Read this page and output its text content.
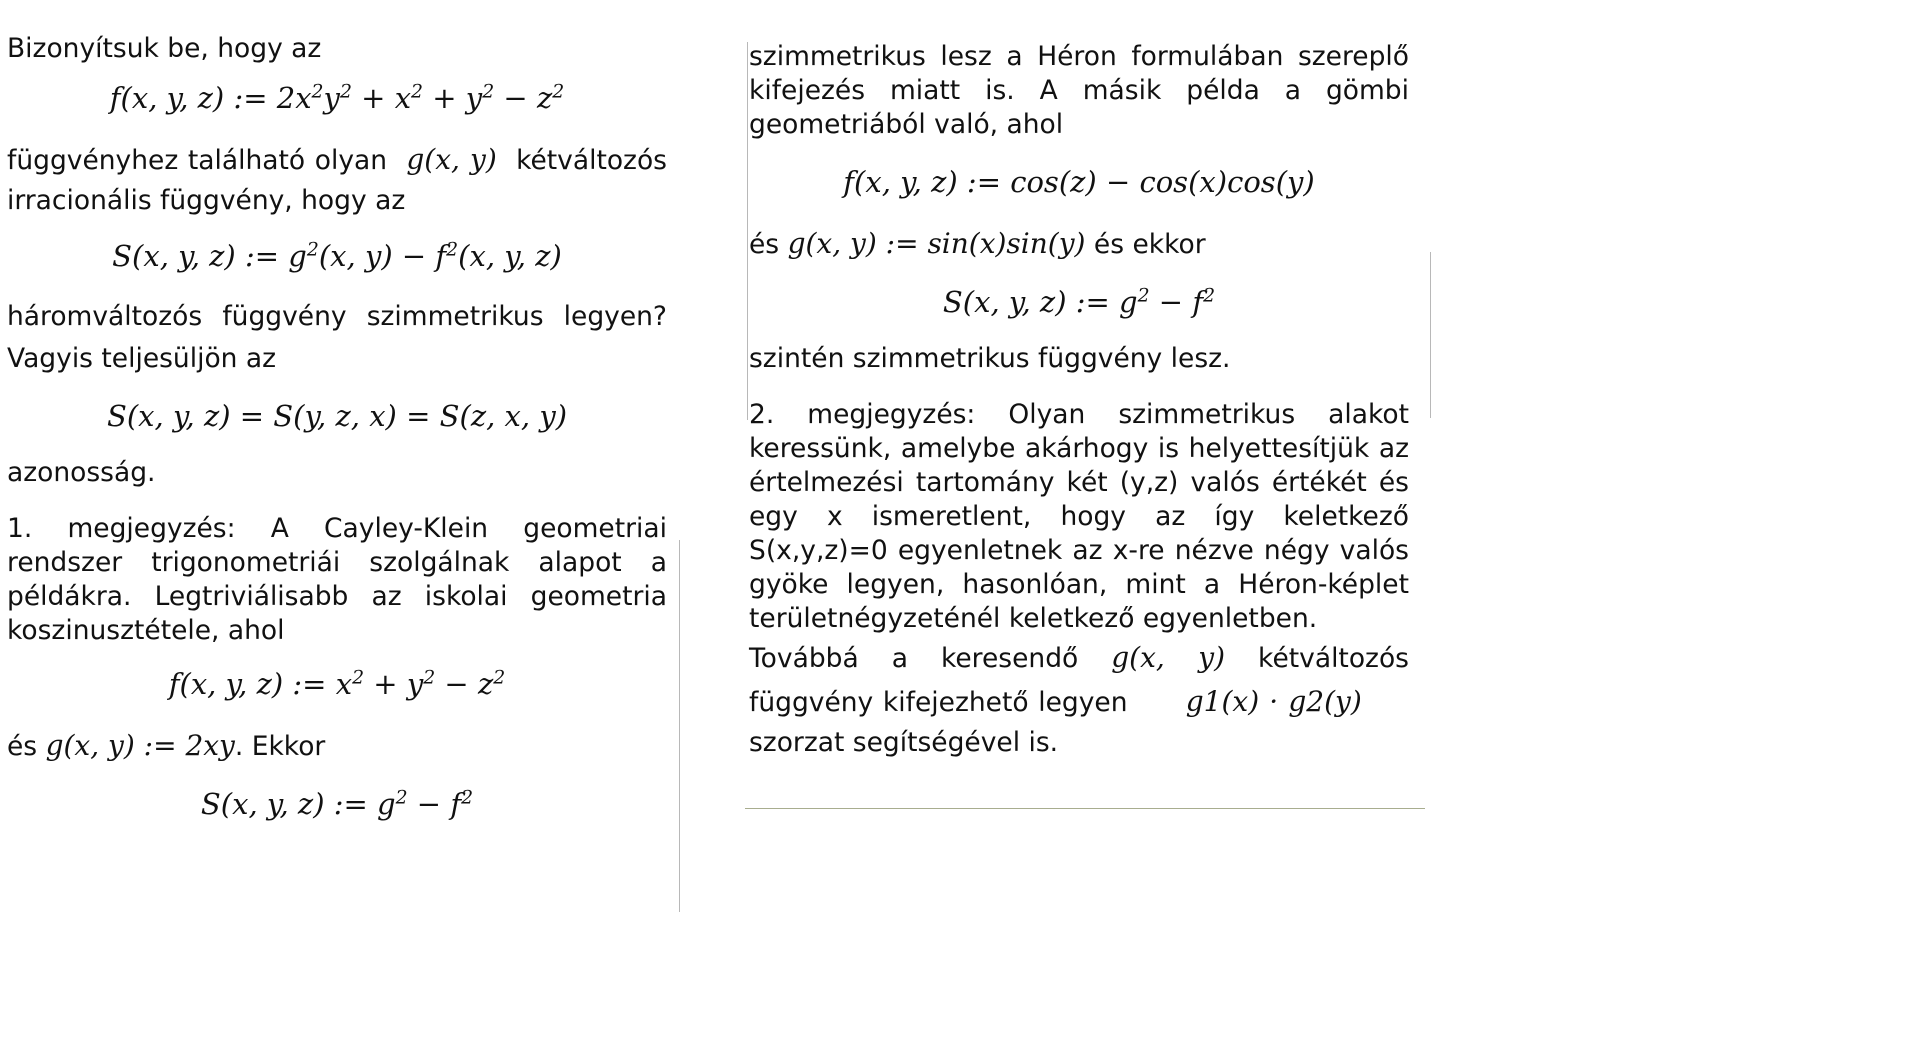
Bizonyítsuk be, hogy az

f(x, y, z) := $2x^2y^2 + x^2 + y^2 - z^2$

függvényhez található olyan g(x, y) kétváltozós irracionális függvény, hogy az

S(x, y, z) := $g^2(x$, $y) - f^2(x$, y, z)

háromváltozós függvény szimmetrikus legyen? Vagyis teljesüljön az

S(x, y, z) = S(y, z, x) = S(z, x, y)

azonosság.

1. megjegyzés: A Cayley-Klein geometriai rendszer trigonometriái szolgálnak alapot a példákra. Legtriviálisabb az iskolai geometria koszinusztétele, ahol

f(x, y, z) := $x^2 + y^2 - z^2$

és g(x, y) := 2xy. Ekkor

S(x, y, z) := $g^2 - f^2$

szimmetrikus lesz a Héron formulában szereplő kifejezés miatt is. A másik példa a gömbi geometriából való, ahol

f(x, y, z) := cos(z) − cos(x)cos(y)

és g(x, y) := sin(x)sin(y) és ekkor

S(x, y, z) := $g^2 - f^2$

szintén szimmetrikus függvény lesz.

2. megjegyzés: Olyan szimmetrikus alakot keressünk, amelybe akárhogy is helyettesítjük az értelmezési tartomány két (y,z) valós értékét és egy x ismeretlent, hogy az így keletkező S(x,y,z)=0 egyenletnek az x-re nézve négy valós gyöke legyen, hasonlóan, mint a Héron-képlet területnégyzeténél keletkező egyenletben.

Továbbá a keresendő g(x, y) kétváltozós függvény kifejezhető legyen g1(x) · g2(y)      szorzat segítségével is.
